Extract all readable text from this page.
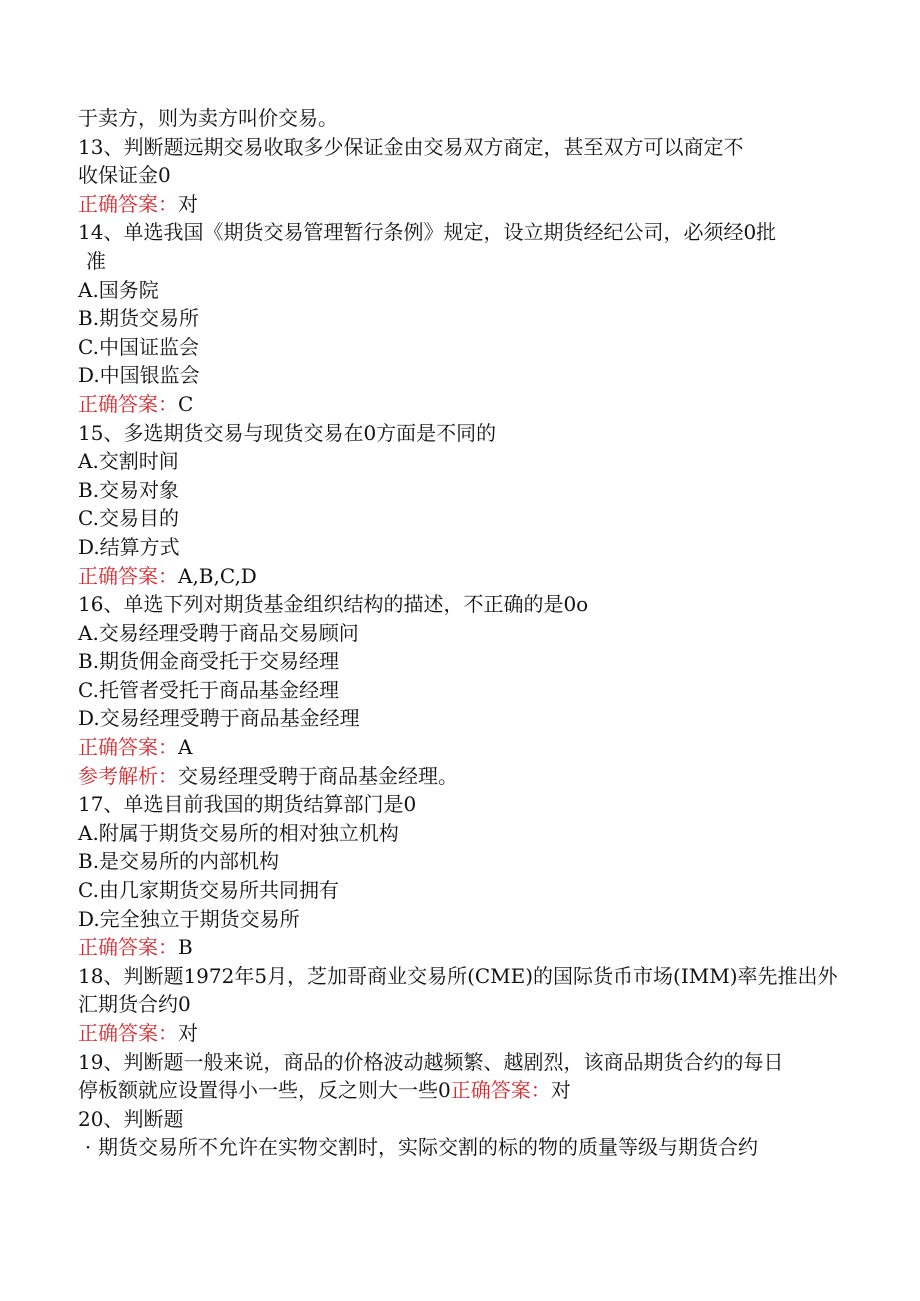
于卖方，则为卖方叫价交易。
13、判断题远期交易收取多少保证金由交易双方商定，甚至双方可以商定不
收保证金0
正确答案：对
14、单选我国《期货交易管理暂行条例》规定，设立期货经纪公司，必须经0批
准
A.国务院
B.期货交易所
C.中国证监会
D.中国银监会
正确答案：C
15、多选期货交易与现货交易在0方面是不同的
A.交割时间
B.交易对象
C.交易目的
D.结算方式
正确答案：A,B,C,D
16、单选下列对期货基金组织结构的描述，不正确的是0o
A.交易经理受聘于商品交易顾问
B.期货佣金商受托于交易经理
C.托管者受托于商品基金经理
D.交易经理受聘于商品基金经理
正确答案：A
参考解析：交易经理受聘于商品基金经理。
17、单选目前我国的期货结算部门是0
A.附属于期货交易所的相对独立机构
B.是交易所的内部机构
C.由几家期货交易所共同拥有
D.完全独立于期货交易所
正确答案：B
18、判断题1972年5月，芝加哥商业交易所(CME)的国际货币市场(IMM)率先推出外
汇期货合约0
正确答案：对
19、判断题一般来说，商品的价格波动越频繁、越剧烈，该商品期货合约的每日
停板额就应设置得小一些，反之则大一些0正确答案：对
20、判断题
· 期货交易所不允许在实物交割时，实际交割的标的物的质量等级与期货合约
